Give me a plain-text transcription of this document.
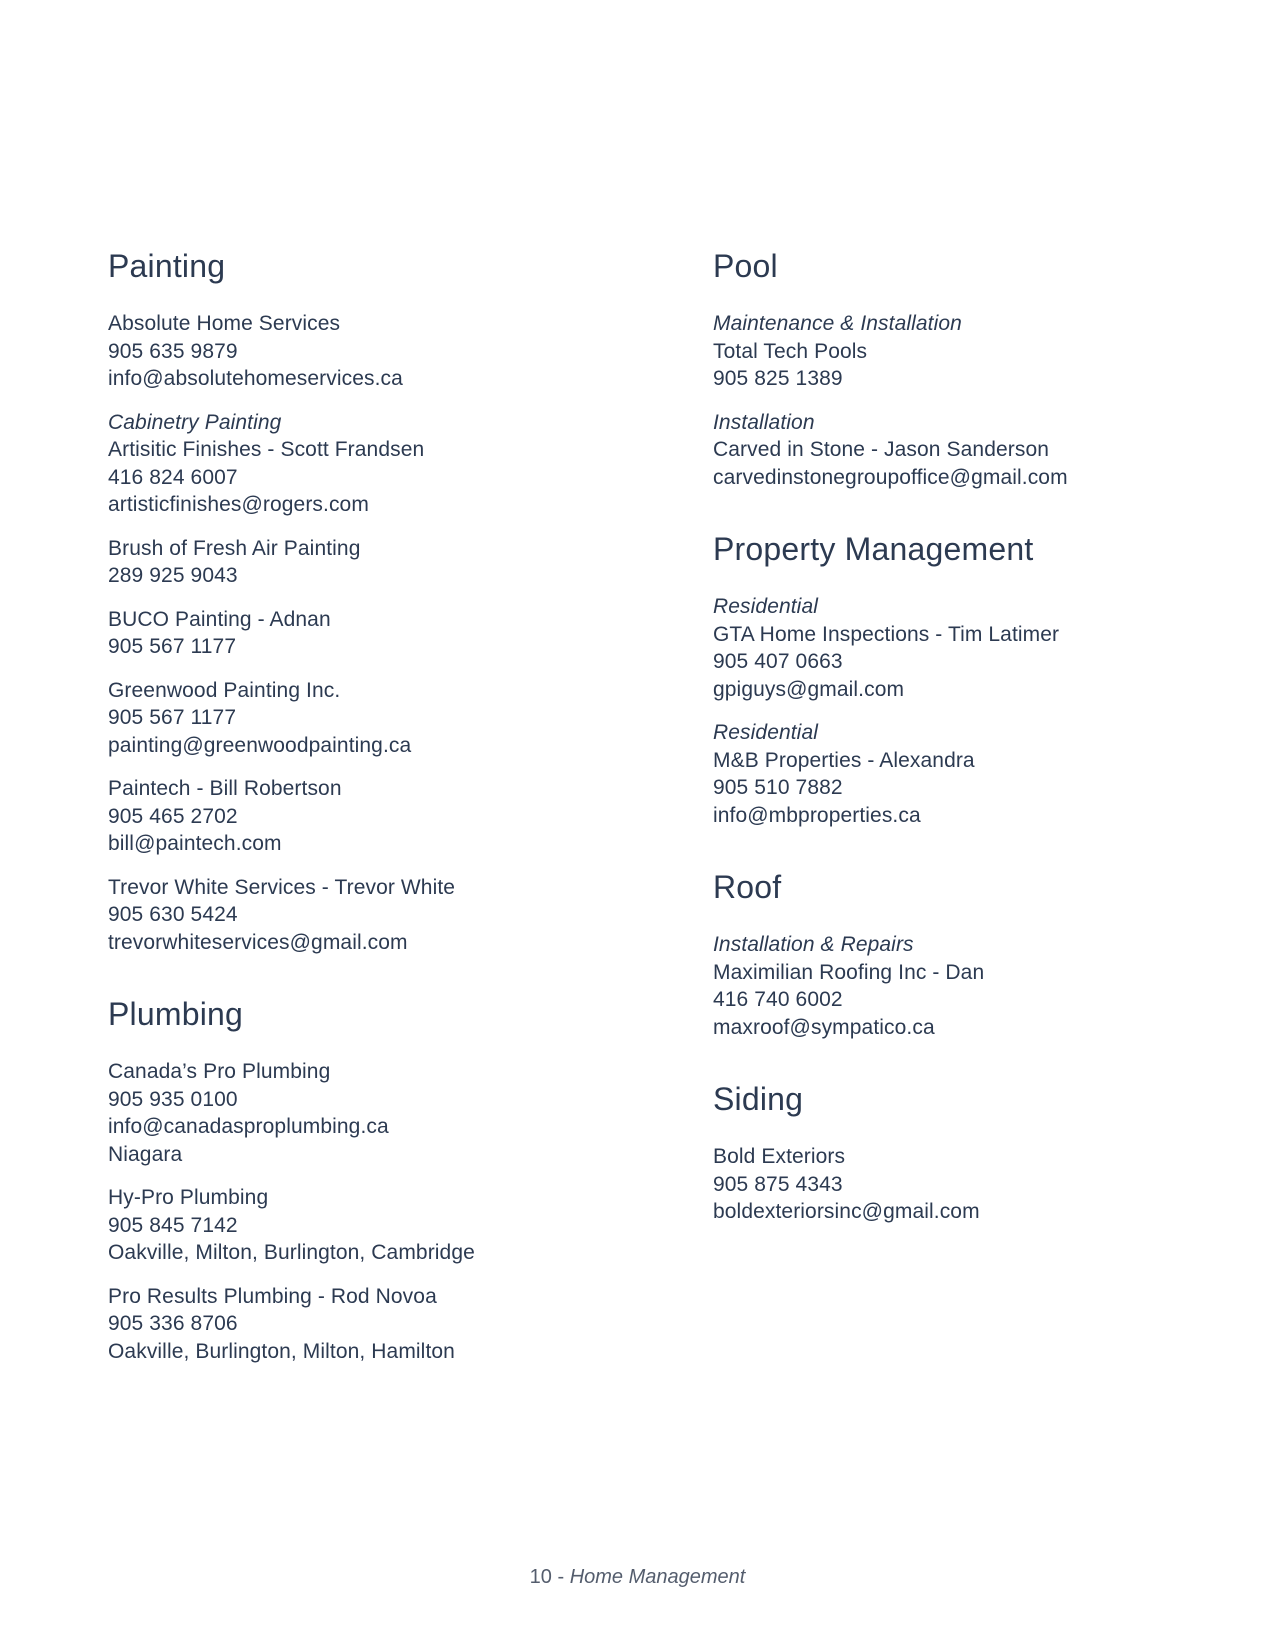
Painting
Absolute Home Services
905 635 9879
info@absolutehomeservices.ca
Cabinetry Painting
Artisitic Finishes - Scott Frandsen
416 824 6007
artisticfinishes@rogers.com
Brush of Fresh Air Painting
289 925 9043
BUCO Painting - Adnan
905 567 1177
Greenwood Painting Inc.
905 567 1177
painting@greenwoodpainting.ca
Paintech - Bill Robertson
905 465 2702
bill@paintech.com
Trevor White Services - Trevor White
905 630 5424
trevorwhiteservices@gmail.com
Plumbing
Canada’s Pro Plumbing
905 935 0100
info@canadasproplumbing.ca
Niagara
Hy-Pro Plumbing
905 845 7142
Oakville, Milton, Burlington, Cambridge
Pro Results Plumbing - Rod Novoa
905 336 8706
Oakville, Burlington, Milton, Hamilton
Pool
Maintenance & Installation
Total Tech Pools
905 825 1389
Installation
Carved in Stone - Jason Sanderson
carvedinstonegroupoffice@gmail.com
Property Management
Residential
GTA Home Inspections - Tim Latimer
905 407 0663
gpiguys@gmail.com
Residential
M&B Properties - Alexandra
905 510 7882
info@mbproperties.ca
Roof
Installation & Repairs
Maximilian Roofing Inc - Dan
416 740 6002
maxroof@sympatico.ca
Siding
Bold Exteriors
905 875 4343
boldexteriorsinc@gmail.com
10 - Home Management
